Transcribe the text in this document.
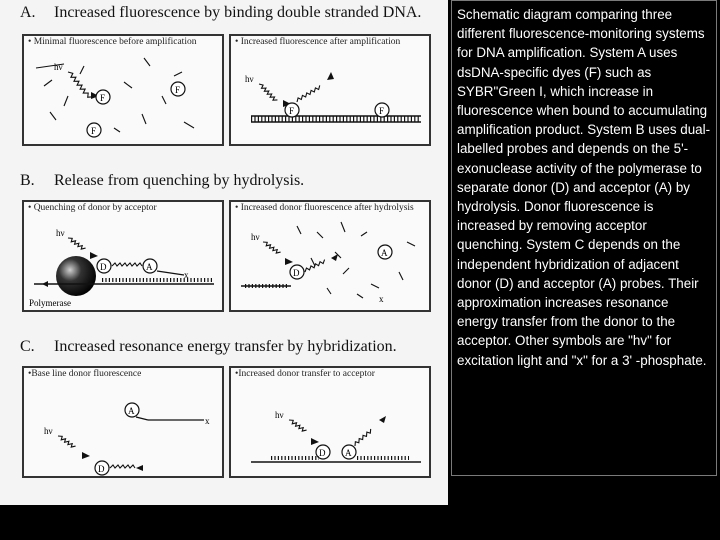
A. Increased fluorescence by binding double stranded DNA.
• Minimal fluorescence before amplification
hν
F
F
F
• Increased fluorescence after amplification
hν
F	F
B. Release from quenching by hydrolysis.
• Quenching of donor by acceptor
hν
D	A
x
Polymerase
• Increased donor fluorescence after hydrolysis
hν
D
A
x
C. Increased resonance energy transfer by hybridization.
•Base line donor fluorescence
A
x
hν
D
•Increased donor transfer to acceptor
hν
D A
Schematic diagram comparing three different fluorescence-monitoring systems for DNA amplification. System A uses dsDNA-specific dyes (F) such as SYBR"Green I, which increase in fluorescence when bound to accumulating amplification product. System B uses dual-labelled probes and depends on the 5'-exonuclease activity of the polymerase to separate donor (D) and acceptor (A) by hydrolysis. Donor fluorescence is increased by removing acceptor quenching. System C depends on the independent hybridization of adjacent donor (D) and acceptor (A) probes. Their approximation increases resonance energy transfer from the donor to the acceptor. Other symbols are "hv" for excitation light and "x" for a 3' -phosphate.
